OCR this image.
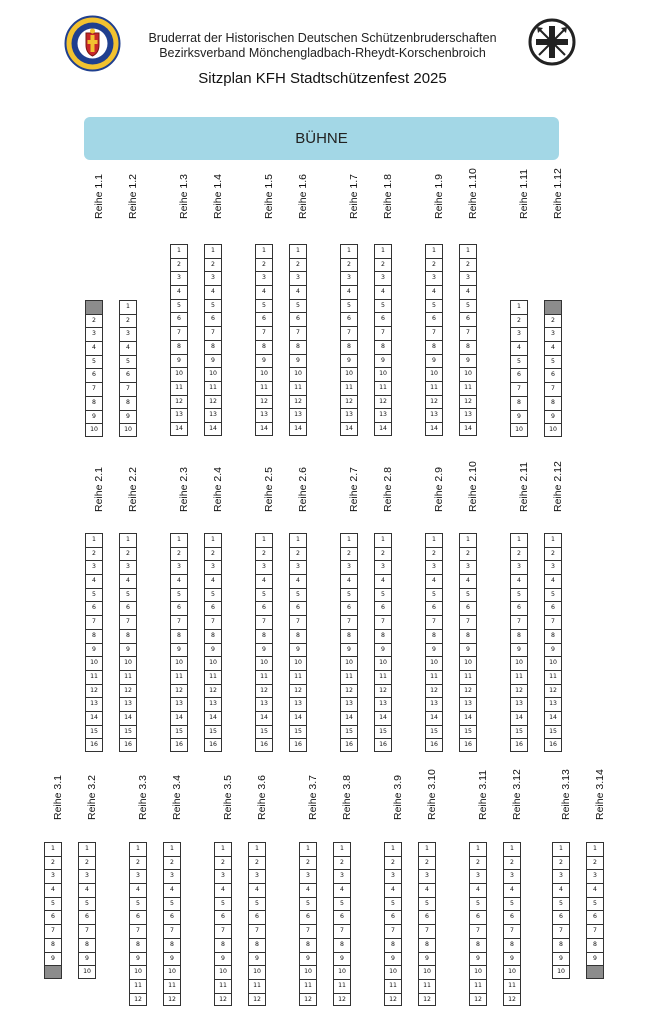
Bruderrat der Historischen Deutschen Schützenbruderschaften
Bezirksverband Mönchengladbach-Rheydt-Korschenbroich
Sitzplan KFH Stadtschützenfest 2025
BÜHNE
Reihe 1.1
2
3
4
5
6
7
8
9
10
Reihe 1.2
1
2
3
4
5
6
7
8
9
10
Reihe 1.3
1
2
3
4
5
6
7
8
9
10
11
12
13
14
Reihe 1.4
1
2
3
4
5
6
7
8
9
10
11
12
13
14
Reihe 1.5
1
2
3
4
5
6
7
8
9
10
11
12
13
14
Reihe 1.6
1
2
3
4
5
6
7
8
9
10
11
12
13
14
Reihe 1.7
1
2
3
4
5
6
7
8
9
10
11
12
13
14
Reihe 1.8
1
2
3
4
5
6
7
8
9
10
11
12
13
14
Reihe 1.9
1
2
3
4
5
6
7
8
9
10
11
12
13
14
Reihe 1.10
1
2
3
4
5
6
7
8
9
10
11
12
13
14
Reihe 1.11
1
2
3
4
5
6
7
8
9
10
Reihe 1.12
2
3
4
5
6
7
8
9
10
Reihe 2.1
1
2
3
4
5
6
7
8
9
10
11
12
13
14
15
16
Reihe 2.2
1
2
3
4
5
6
7
8
9
10
11
12
13
14
15
16
Reihe 2.3
1
2
3
4
5
6
7
8
9
10
11
12
13
14
15
16
Reihe 2.4
1
2
3
4
5
6
7
8
9
10
11
12
13
14
15
16
Reihe 2.5
1
2
3
4
5
6
7
8
9
10
11
12
13
14
15
16
Reihe 2.6
1
2
3
4
5
6
7
8
9
10
11
12
13
14
15
16
Reihe 2.7
1
2
3
4
5
6
7
8
9
10
11
12
13
14
15
16
Reihe 2.8
1
2
3
4
5
6
7
8
9
10
11
12
13
14
15
16
Reihe 2.9
1
2
3
4
5
6
7
8
9
10
11
12
13
14
15
16
Reihe 2.10
1
2
3
4
5
6
7
8
9
10
11
12
13
14
15
16
Reihe 2.11
1
2
3
4
5
6
7
8
9
10
11
12
13
14
15
16
Reihe 2.12
1
2
3
4
5
6
7
8
9
10
11
12
13
14
15
16
Reihe 3.1
1
2
3
4
5
6
7
8
9
Reihe 3.2
1
2
3
4
5
6
7
8
9
10
Reihe 3.3
1
2
3
4
5
6
7
8
9
10
11
12
Reihe 3.4
1
2
3
4
5
6
7
8
9
10
11
12
Reihe 3.5
1
2
3
4
5
6
7
8
9
10
11
12
Reihe 3.6
1
2
3
4
5
6
7
8
9
10
11
12
Reihe 3.7
1
2
3
4
5
6
7
8
9
10
11
12
Reihe 3.8
1
2
3
4
5
6
7
8
9
10
11
12
Reihe 3.9
1
2
3
4
5
6
7
8
9
10
11
12
Reihe 3.10
1
2
3
4
5
6
7
8
9
10
11
12
Reihe 3.11
1
2
3
4
5
6
7
8
9
10
11
12
Reihe 3.12
1
2
3
4
5
6
7
8
9
10
11
12
Reihe 3.13
1
2
3
4
5
6
7
8
9
10
Reihe 3.14
1
2
3
4
5
6
7
8
9
